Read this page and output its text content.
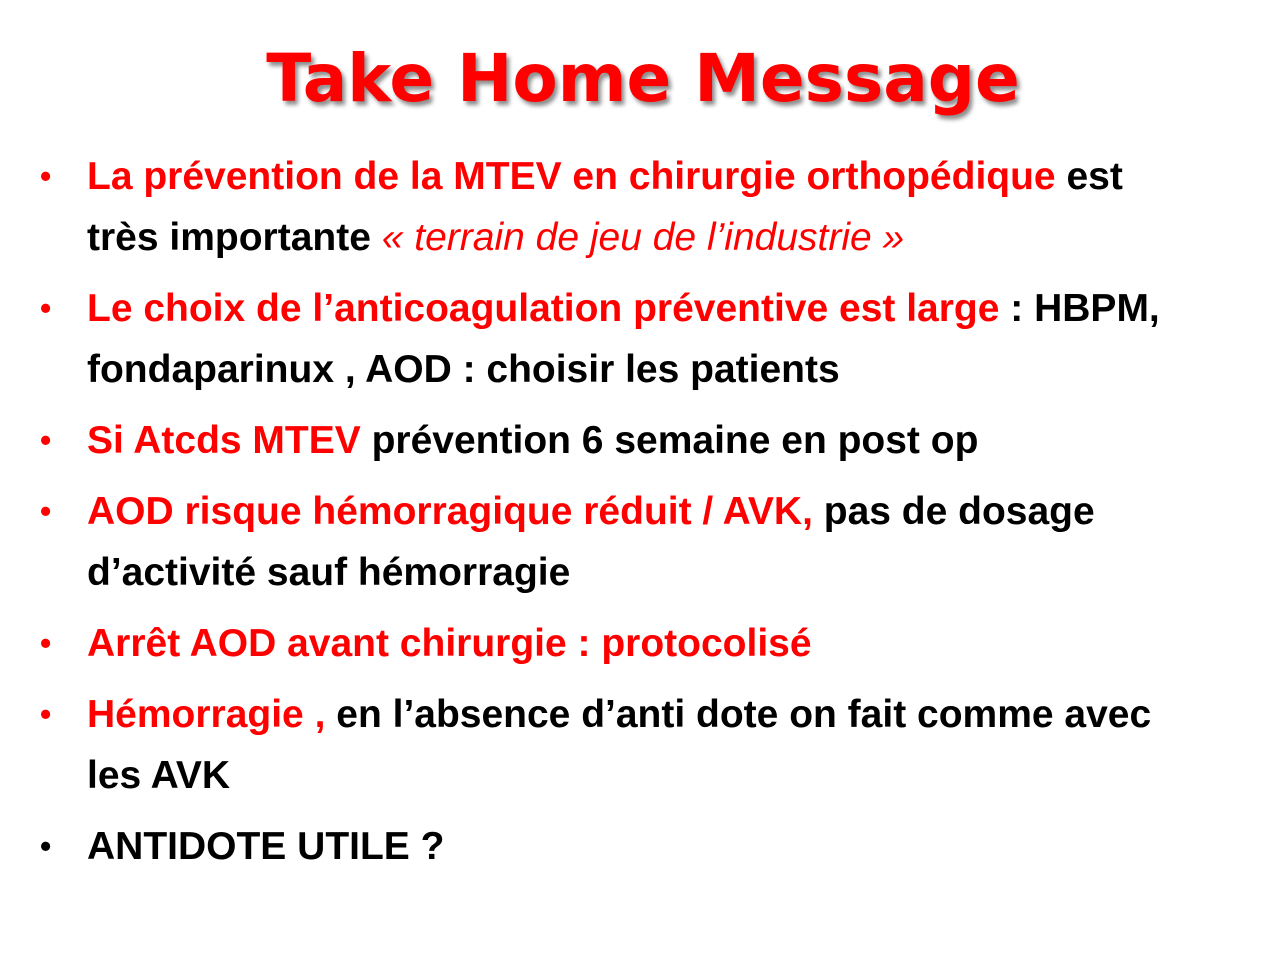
Take Home Message
• La prévention de la MTEV en chirurgie orthopédique est
très importante « terrain de jeu de l’industrie »
• Le choix de l’anticoagulation préventive est large : HBPM,
fondaparinux , AOD : choisir les patients
• Si Atcds MTEV prévention 6 semaine en post op
• AOD risque hémorragique réduit / AVK, pas de dosage
d’activité sauf hémorragie
• Arrêt AOD avant chirurgie : protocolisé
• Hémorragie , en l’absence d’anti dote on fait comme avec
les AVK
• ANTIDOTE UTILE ?
